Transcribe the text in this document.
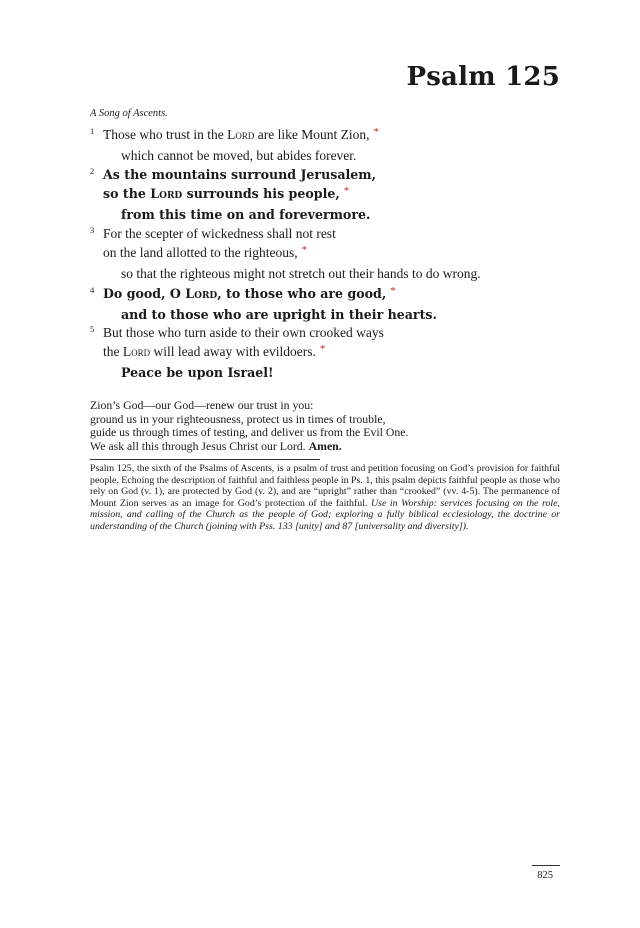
Psalm 125
A Song of Ascents.
1 Those who trust in the Lord are like Mount Zion, *
which cannot be moved, but abides forever.
2 As the mountains surround Jerusalem,
so the Lord surrounds his people, *
from this time on and forevermore.
3 For the scepter of wickedness shall not rest
on the land allotted to the righteous, *
so that the righteous might not stretch out their hands to do wrong.
4 Do good, O Lord, to those who are good, *
and to those who are upright in their hearts.
5 But those who turn aside to their own crooked ways
the Lord will lead away with evildoers. *
Peace be upon Israel!
Zion’s God—our God—renew our trust in you:
ground us in your righteousness, protect us in times of trouble,
guide us through times of testing, and deliver us from the Evil One.
We ask all this through Jesus Christ our Lord. Amen.
Psalm 125, the sixth of the Psalms of Ascents, is a psalm of trust and petition focusing on God’s provision for faithful people. Echoing the description of faithful and faithless people in Ps. 1, this psalm depicts faithful people as those who rely on God (v. 1), are protected by God (v. 2), and are “upright” rather than “crooked” (vv. 4-5). The permanence of Mount Zion serves as an image for God’s protection of the faithful. Use in Worship: services focusing on the role, mission, and calling of the Church as the people of God; exploring a fully biblical ecclesiology, the doctrine or understanding of the Church (joining with Pss. 133 [unity] and 87 [universality and diversity]).
825
